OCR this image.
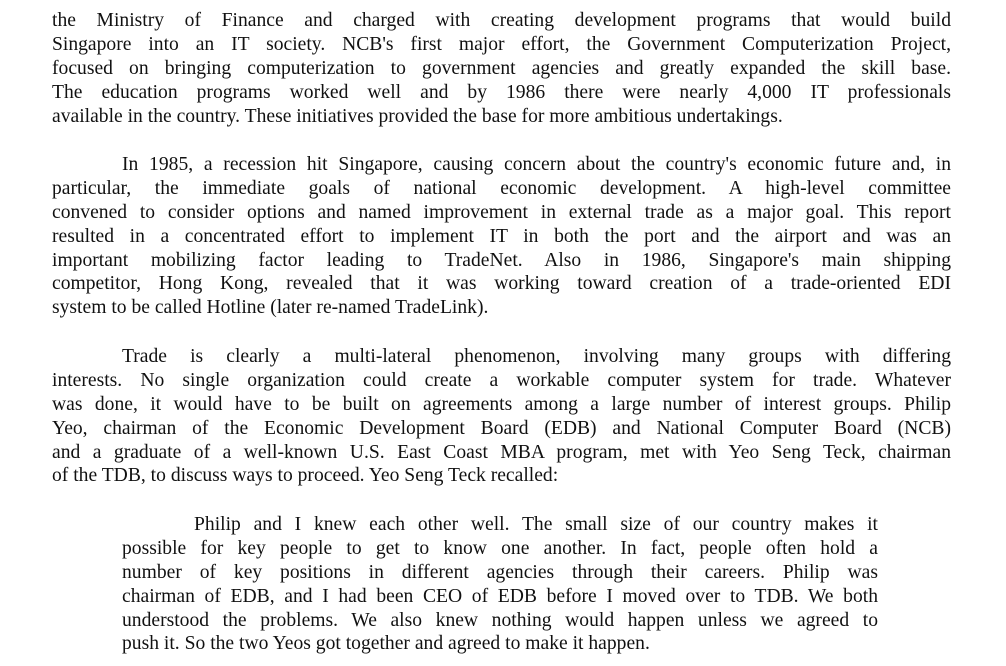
the Ministry of Finance and charged with creating development programs that would build
Singapore into an IT society. NCB's first major effort, the Government Computerization Project,
focused on bringing computerization to government agencies and greatly expanded the skill base.
The education programs worked well and by 1986 there were nearly 4,000 IT professionals
available in the country. These initiatives provided the base for more ambitious undertakings.
In 1985, a recession hit Singapore, causing concern about the country's economic future and, in
particular, the immediate goals of national economic development. A high-level committee
convened to consider options and named improvement in external trade as a major goal. This report
resulted in a concentrated effort to implement IT in both the port and the airport and was an
important mobilizing factor leading to TradeNet. Also in 1986, Singapore's main shipping
competitor, Hong Kong, revealed that it was working toward creation of a trade-oriented EDI
system to be called Hotline (later re-named TradeLink).
Trade is clearly a multi-lateral phenomenon, involving many groups with differing
interests. No single organization could create a workable computer system for trade. Whatever
was done, it would have to be built on agreements among a large number of interest groups. Philip
Yeo, chairman of the Economic Development Board (EDB) and National Computer Board (NCB)
and a graduate of a well-known U.S. East Coast MBA program, met with Yeo Seng Teck, chairman
of the TDB, to discuss ways to proceed. Yeo Seng Teck recalled:
Philip and I knew each other well. The small size of our country makes it
possible for key people to get to know one another. In fact, people often hold a
number of key positions in different agencies through their careers. Philip was
chairman of EDB, and I had been CEO of EDB before I moved over to TDB. We both
understood the problems. We also knew nothing would happen unless we agreed to
push it. So the two Yeos got together and agreed to make it happen.
